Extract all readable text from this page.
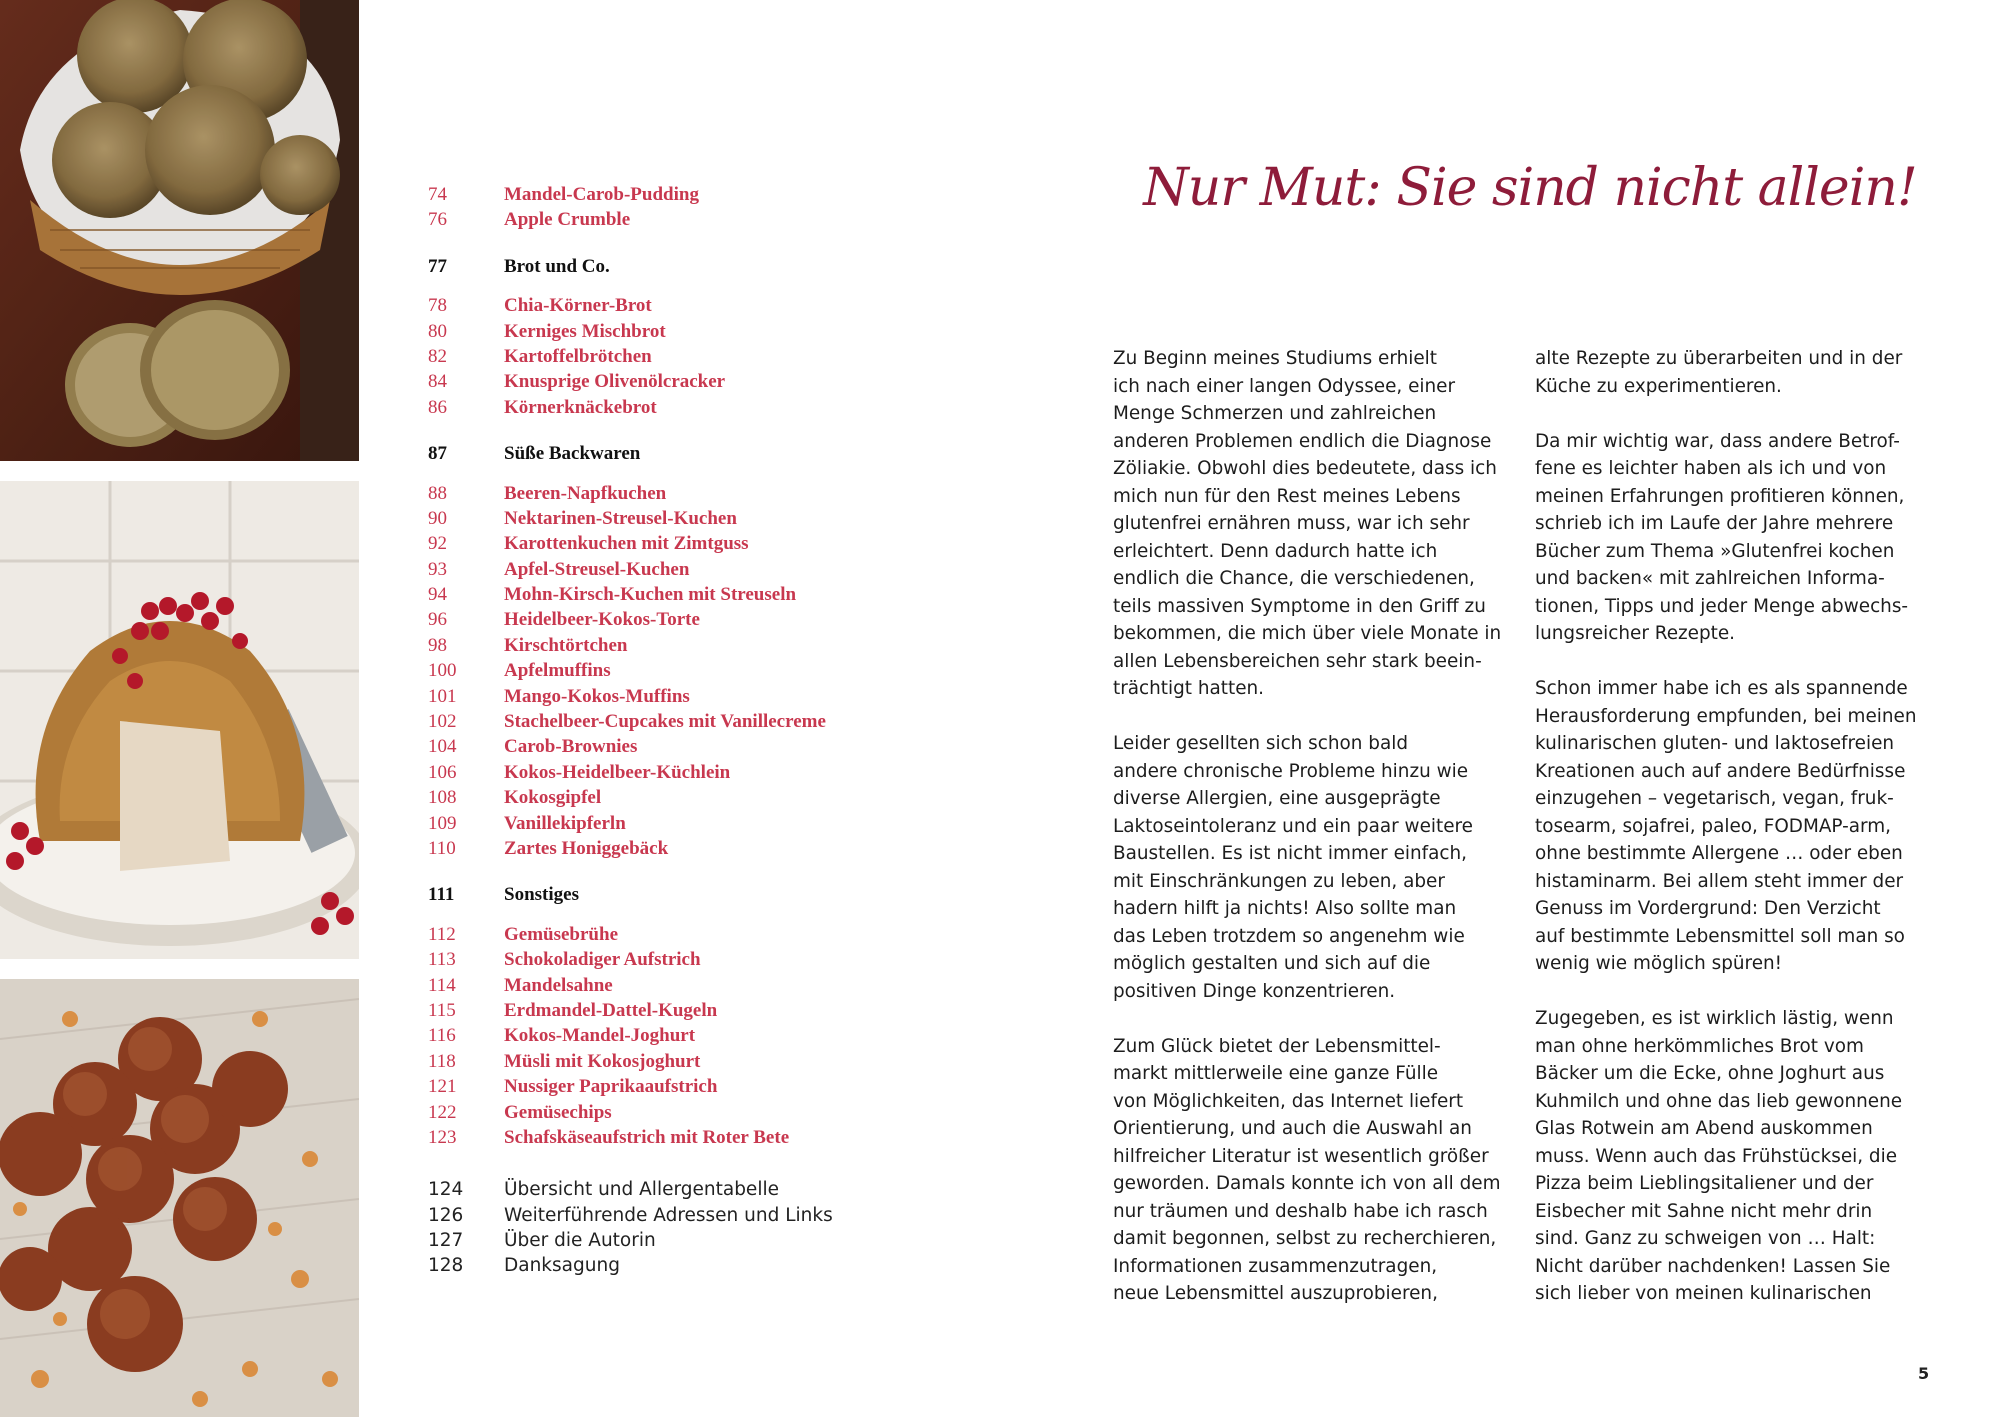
74	Mandel-Carob-Pudding
76	Apple Crumble
77	Brot und Co.
78	Chia-Körner-Brot
80	Kerniges Mischbrot
82	Kartoffelbrötchen
84	Knusprige Olivenölcracker
86	Körnerknäckebrot
87	Süße Backwaren
88	Beeren-Napfkuchen
90	Nektarinen-Streusel-Kuchen
92	Karottenkuchen mit Zimtguss
93	Apfel-Streusel-Kuchen
94	Mohn-Kirsch-Kuchen mit Streuseln
96	Heidelbeer-Kokos-Torte
98	Kirschtörtchen
100	Apfelmuffins
101	Mango-Kokos-Muffins
102	Stachelbeer-Cupcakes mit Vanillecreme
104	Carob-Brownies
106	Kokos-Heidelbeer-Küchlein
108	Kokosgipfel
109	Vanillekipferln
110	Zartes Honiggebäck
111	Sonstiges
112	Gemüsebrühe
113	Schokoladiger Aufstrich
114	Mandelsahne
115	Erdmandel-Dattel-Kugeln
116	Kokos-Mandel-Joghurt
118	Müsli mit Kokosjoghurt
121	Nussiger Paprikaaufstrich
122	Gemüsechips
123	Schafskäseaufstrich mit Roter Bete
124	Übersicht und Allergentabelle
126	Weiterführende Adressen und Links
127	Über die Autorin
128	Danksagung
Nur Mut: Sie sind nicht allein!

Zu Beginn meines Studiums erhielt
ich nach einer langen Odyssee, einer
Menge Schmerzen und zahlreichen
anderen Problemen endlich die Diagnose
Zöliakie. Obwohl dies bedeutete, dass ich
mich nun für den Rest meines Lebens
glutenfrei ernähren muss, war ich sehr
erleichtert. Denn dadurch hatte ich
endlich die Chance, die verschiedenen,
teils massiven Symptome in den Griff zu
bekommen, die mich über viele Monate in
allen Lebensbereichen sehr stark beein-
trächtigt hatten.

Leider gesellten sich schon bald
andere chronische Probleme hinzu wie
diverse Allergien, eine ausgeprägte
Laktoseintoleranz und ein paar weitere
Baustellen. Es ist nicht immer einfach,
mit Einschränkungen zu leben, aber
hadern hilft ja nichts! Also sollte man
das Leben trotzdem so angenehm wie
möglich gestalten und sich auf die
positiven Dinge konzentrieren.

Zum Glück bietet der Lebensmittel-
markt mittlerweile eine ganze Fülle
von Möglichkeiten, das Internet liefert
Orientierung, und auch die Auswahl an
hilfreicher Literatur ist wesentlich größer
geworden. Damals konnte ich von all dem
nur träumen und deshalb habe ich rasch
damit begonnen, selbst zu recherchieren,
Informationen zusammenzutragen,
neue Lebensmittel auszuprobieren,

alte Rezepte zu überarbeiten und in der
Küche zu experimentieren.

Da mir wichtig war, dass andere Betrof-
fene es leichter haben als ich und von
meinen Erfahrungen profitieren können,
schrieb ich im Laufe der Jahre mehrere
Bücher zum Thema »Glutenfrei kochen
und backen« mit zahlreichen Informa-
tionen, Tipps und jeder Menge abwechs-
lungsreicher Rezepte.

Schon immer habe ich es als spannende
Herausforderung empfunden, bei meinen
kulinarischen gluten- und laktosefreien
Kreationen auch auf andere Bedürfnisse
einzugehen – vegetarisch, vegan, fruk-
tosearm, sojafrei, paleo, FODMAP-arm,
ohne bestimmte Allergene … oder eben
histaminarm. Bei allem steht immer der
Genuss im Vordergrund: Den Verzicht
auf bestimmte Lebensmittel soll man so
wenig wie möglich spüren!

Zugegeben, es ist wirklich lästig, wenn
man ohne herkömmliches Brot vom
Bäcker um die Ecke, ohne Joghurt aus
Kuhmilch und ohne das lieb gewonnene
Glas Rotwein am Abend auskommen
muss. Wenn auch das Frühstücksei, die
Pizza beim Lieblingsitaliener und der
Eisbecher mit Sahne nicht mehr drin
sind. Ganz zu schweigen von … Halt:
Nicht darüber nachdenken! Lassen Sie
sich lieber von meinen kulinarischen

5
